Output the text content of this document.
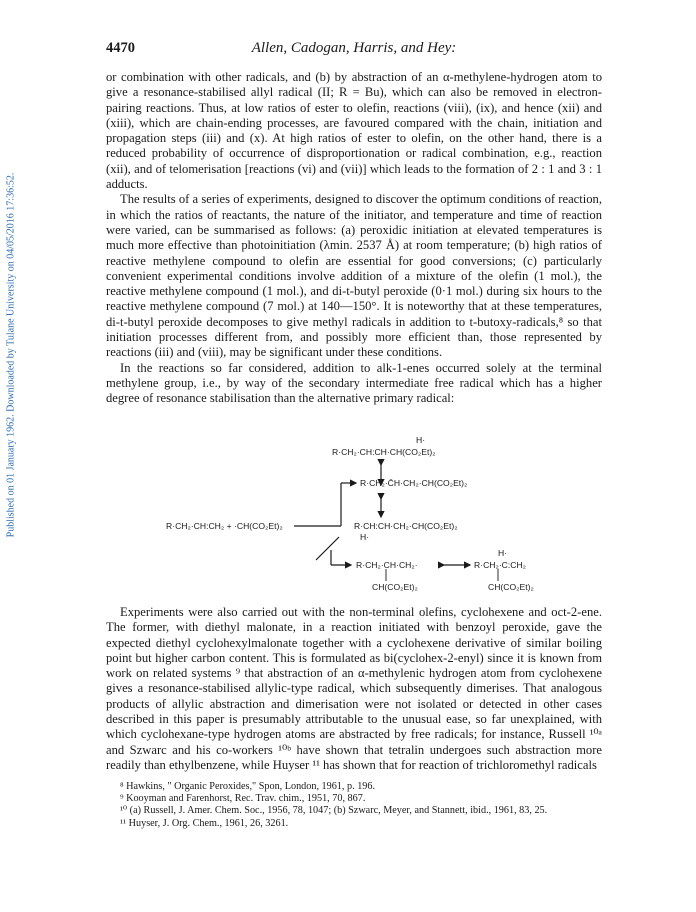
Published on 01 January 1962. Downloaded by Tulane University on 04/05/2016 17:36:52.
4470	Allen, Cadogan, Harris, and Hey:

or combination with other radicals, and (b) by abstraction of an α-methylene-hydrogen atom to give a resonance-stabilised allyl radical (II; R = Bu), which can also be removed in electron-pairing reactions. Thus, at low ratios of ester to olefin, reactions (viii), (ix), and hence (xii) and (xiii), which are chain-ending processes, are favoured compared with the chain, initiation and propagation steps (iii) and (x). At high ratios of ester to olefin, on the other hand, there is a reduced probability of occurrence of disproportionation or radical combination, e.g., reaction (xii), and of telomerisation [reactions (vi) and (vii)] which leads to the formation of 2 : 1 and 3 : 1 adducts.

The results of a series of experiments, designed to discover the optimum conditions of reaction, in which the ratios of reactants, the nature of the initiator, and temperature and time of reaction were varied, can be summarised as follows: (a) peroxidic initiation at elevated temperatures is much more effective than photoinitiation (λmin. 2537 Å) at room temperature; (b) high ratios of reactive methylene compound to olefin are essential for good conversions; (c) particularly convenient experimental conditions involve addition of a mixture of the olefin (1 mol.), the reactive methylene compound (1 mol.), and di-t-butyl peroxide (0·1 mol.) during six hours to the reactive methylene compound (7 mol.) at 140—150°. It is noteworthy that at these temperatures, di-t-butyl peroxide decomposes to give methyl radicals in addition to t-butoxy-radicals,⁸ so that initiation processes different from, and possibly more efficient than, those represented by reactions (iii) and (viii), may be significant under these conditions.

In the reactions so far considered, addition to alk-1-enes occurred solely at the terminal methylene group, i.e., by way of the secondary intermediate free radical which has a higher degree of resonance stabilisation than the alternative primary radical:

H·
R·CH₂·CH:CH·CH(CO₂Et)₂
R·CH₂·C̄H·CH₂·CH(CO₂Et)₂
R·CH₂·CH:CH₂ + ·CH(CO₂Et)₂	R·CH:CH·CH₂·CH(CO₂Et)₂
H·
R·CH₂·CH·CH₂·
CH(CO₂Et)₂
H·
R·CH₂·C:CH₂
CH(CO₂Et)₂

Experiments were also carried out with the non-terminal olefins, cyclohexene and oct-2-ene. The former, with diethyl malonate, in a reaction initiated with benzoyl peroxide, gave the expected diethyl cyclohexylmalonate together with a cyclohexene derivative of similar boiling point but higher carbon content. This is formulated as bi(cyclohex-2-enyl) since it is known from work on related systems ⁹ that abstraction of an α-methylenic hydrogen atom from cyclohexene gives a resonance-stabilised allylic-type radical, which subsequently dimerises. That analogous products of allylic abstraction and dimerisation were not isolated or detected in other cases described in this paper is presumably attributable to the unusual ease, so far unexplained, with which cyclohexane-type hydrogen atoms are abstracted by free radicals; for instance, Russell ¹⁰ᵃ and Szwarc and his co-workers ¹⁰ᵇ have shown that tetralin undergoes such abstraction more readily than ethylbenzene, while Huyser ¹¹ has shown that for reaction of trichloromethyl radicals

⁸ Hawkins, " Organic Peroxides," Spon, London, 1961, p. 196.

⁹ Kooyman and Farenhorst, Rec. Trav. chim., 1951, 70, 867.

¹⁰ (a) Russell, J. Amer. Chem. Soc., 1956, 78, 1047; (b) Szwarc, Meyer, and Stannett, ibid., 1961, 83, 25.

¹¹ Huyser, J. Org. Chem., 1961, 26, 3261.
